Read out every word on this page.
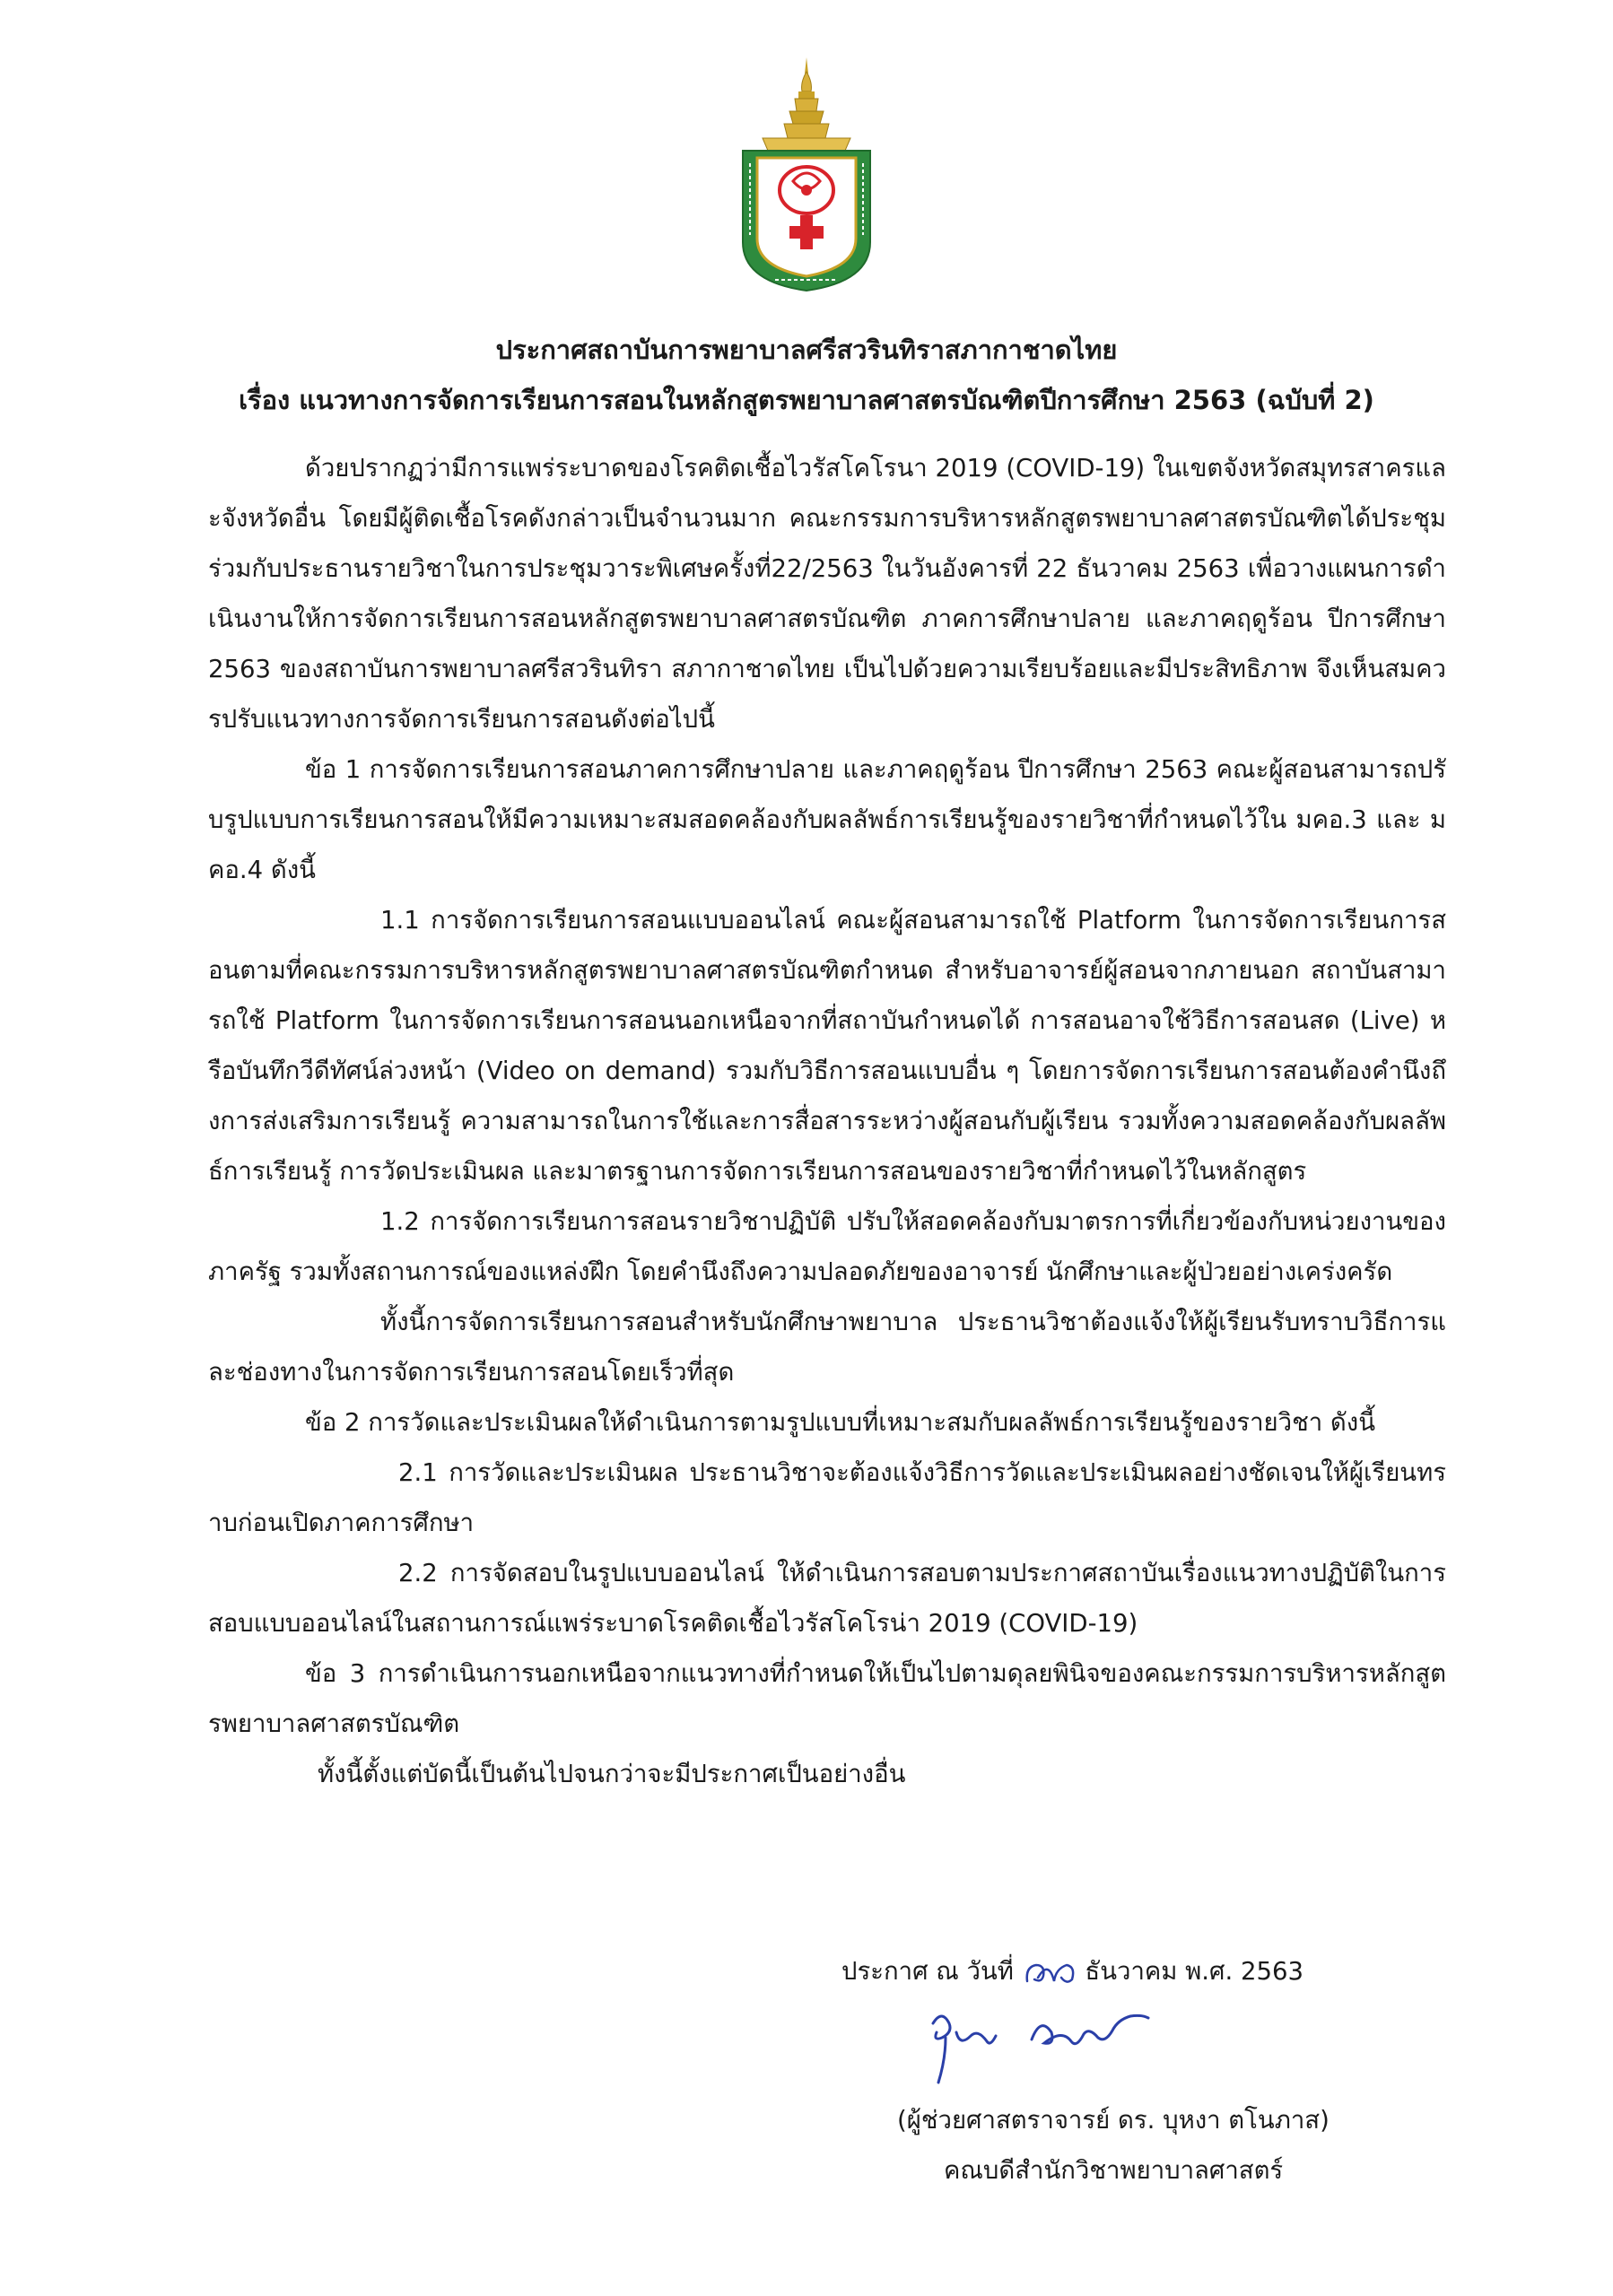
ประกาศสถาบันการพยาบาลศรีสวรินทิราสภากาชาดไทย
เรื่อง แนวทางการจัดการเรียนการสอนในหลักสูตรพยาบาลศาสตรบัณฑิตปีการศึกษา 2563 (ฉบับที่ 2)

ด้วยปรากฏว่ามีการแพร่ระบาดของโรคติดเชื้อไวรัสโคโรนา 2019 (COVID-19) ในเขตจังหวัดสมุทรสาครและจังหวัดอื่น โดยมีผู้ติดเชื้อโรคดังกล่าวเป็นจำนวนมาก คณะกรรมการบริหารหลักสูตรพยาบาลศาสตรบัณฑิตได้ประชุมร่วมกับประธานรายวิชาในการประชุมวาระพิเศษครั้งที่22/2563 ในวันอังคารที่ 22 ธันวาคม 2563 เพื่อวางแผนการดำเนินงานให้การจัดการเรียนการสอนหลักสูตรพยาบาลศาสตรบัณฑิต ภาคการศึกษาปลาย และภาคฤดูร้อน ปีการศึกษา 2563 ของสถาบันการพยาบาลศรีสวรินทิรา สภากาชาดไทย เป็นไปด้วยความเรียบร้อยและมีประสิทธิภาพ จึงเห็นสมควรปรับแนวทางการจัดการเรียนการสอนดังต่อไปนี้

ข้อ 1 การจัดการเรียนการสอนภาคการศึกษาปลาย และภาคฤดูร้อน ปีการศึกษา 2563 คณะผู้สอนสามารถปรับรูปแบบการเรียนการสอนให้มีความเหมาะสมสอดคล้องกับผลลัพธ์การเรียนรู้ของรายวิชาที่กำหนดไว้ใน มคอ.3 และ มคอ.4 ดังนี้

1.1 การจัดการเรียนการสอนแบบออนไลน์ คณะผู้สอนสามารถใช้ Platform ในการจัดการเรียนการสอนตามที่คณะกรรมการบริหารหลักสูตรพยาบาลศาสตรบัณฑิตกำหนด สำหรับอาจารย์ผู้สอนจากภายนอก สถาบันสามารถใช้ Platform ในการจัดการเรียนการสอนนอกเหนือจากที่สถาบันกำหนดได้ การสอนอาจใช้วิธีการสอนสด (Live) หรือบันทึกวีดีทัศน์ล่วงหน้า (Video on demand) รวมกับวิธีการสอนแบบอื่น ๆ โดยการจัดการเรียนการสอนต้องคำนึงถึงการส่งเสริมการเรียนรู้ ความสามารถในการใช้และการสื่อสารระหว่างผู้สอนกับผู้เรียน รวมทั้งความสอดคล้องกับผลลัพธ์การเรียนรู้ การวัดประเมินผล และมาตรฐานการจัดการเรียนการสอนของรายวิชาที่กำหนดไว้ในหลักสูตร

1.2 การจัดการเรียนการสอนรายวิชาปฏิบัติ ปรับให้สอดคล้องกับมาตรการที่เกี่ยวข้องกับหน่วยงานของภาครัฐ รวมทั้งสถานการณ์ของแหล่งฝึก โดยคำนึงถึงความปลอดภัยของอาจารย์ นักศึกษาและผู้ป่วยอย่างเคร่งครัด

ทั้งนี้การจัดการเรียนการสอนสำหรับนักศึกษาพยาบาล ประธานวิชาต้องแจ้งให้ผู้เรียนรับทราบวิธีการและช่องทางในการจัดการเรียนการสอนโดยเร็วที่สุด

ข้อ 2 การวัดและประเมินผลให้ดำเนินการตามรูปแบบที่เหมาะสมกับผลลัพธ์การเรียนรู้ของรายวิชา ดังนี้

2.1 การวัดและประเมินผล ประธานวิชาจะต้องแจ้งวิธีการวัดและประเมินผลอย่างชัดเจนให้ผู้เรียนทราบก่อนเปิดภาคการศึกษา

2.2 การจัดสอบในรูปแบบออนไลน์ ให้ดำเนินการสอบตามประกาศสถาบันเรื่องแนวทางปฏิบัติในการสอบแบบออนไลน์ในสถานการณ์แพร่ระบาดโรคติดเชื้อไวรัสโคโรน่า 2019 (COVID-19)

ข้อ 3 การดำเนินการนอกเหนือจากแนวทางที่กำหนดให้เป็นไปตามดุลยพินิจของคณะกรรมการบริหารหลักสูตรพยาบาลศาสตรบัณฑิต

ทั้งนี้ตั้งแต่บัดนี้เป็นต้นไปจนกว่าจะมีประกาศเป็นอย่างอื่น

ประกาศ ณ วันที่	ธันวาคม พ.ศ. 2563
(ผู้ช่วยศาสตราจารย์ ดร. บุหงา ตโนภาส)
คณบดีสำนักวิชาพยาบาลศาสตร์
